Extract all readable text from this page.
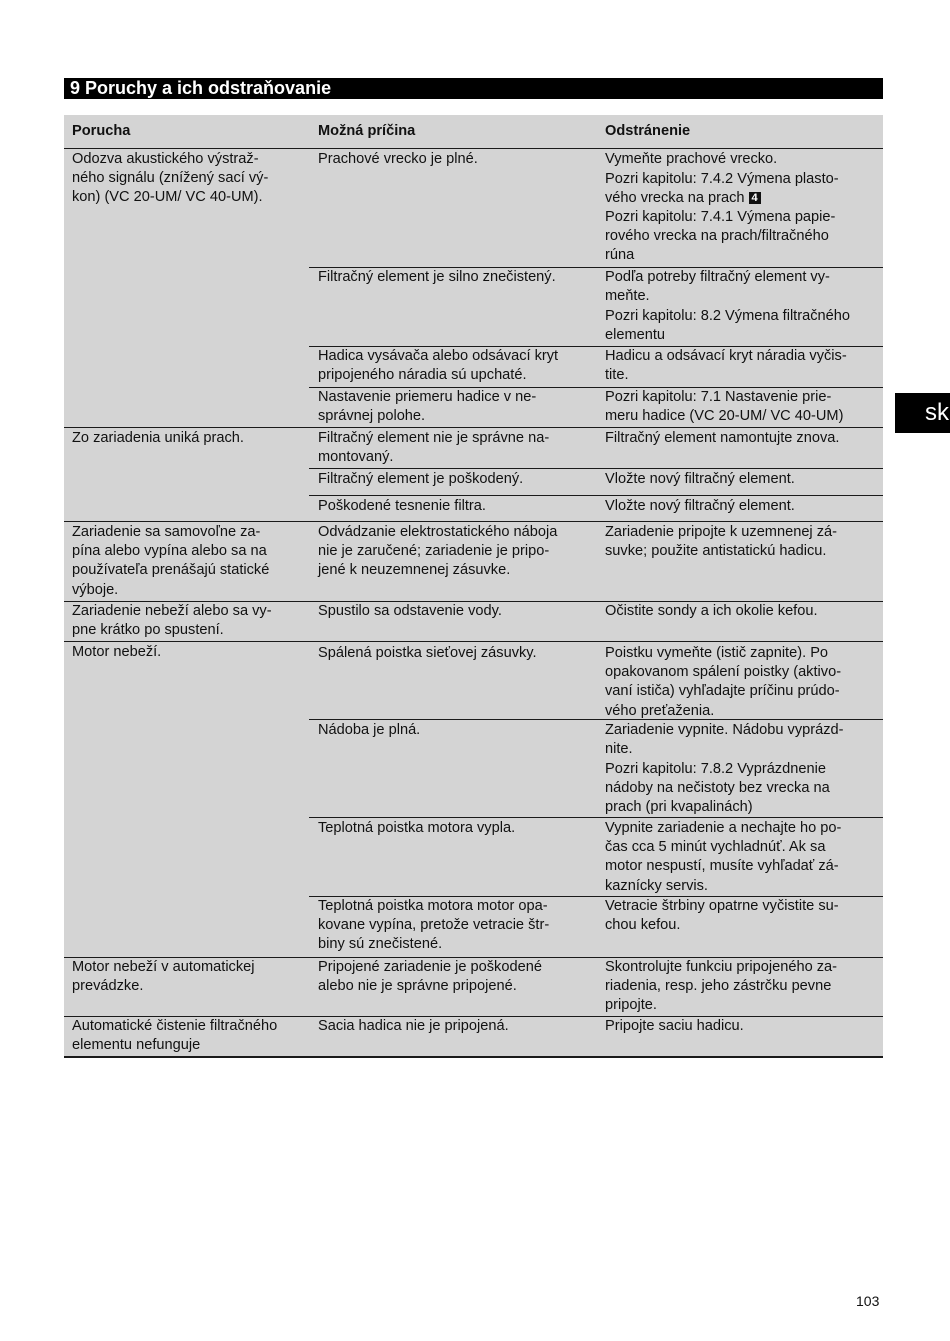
9 Poruchy a ich odstraňovanie
sk
Porucha	Možná príčina	Odstránenie
Odozva akustického výstraž-
ného signálu (znížený sací vý-
kon) (VC 20-UM/ VC 40-UM).
Zo zariadenia uniká prach.
Zariadenie sa samovoľne za-
pína alebo vypína alebo sa na
používateľa prenášajú statické
výboje.
Zariadenie nebeží alebo sa vy-
pne krátko po spustení.
Motor nebeží.
Motor nebeží v automatickej
prevádzke.
Automatické čistenie filtračného
elementu nefunguje
Prachové vrecko je plné.
Filtračný element je silno znečistený.
Hadica vysávača alebo odsávací kryt
pripojeného náradia sú upchaté.
Nastavenie priemeru hadice v ne-
správnej polohe.
Filtračný element nie je správne na-
montovaný.
Filtračný element je poškodený.
Poškodené tesnenie filtra.
Odvádzanie elektrostatického náboja
nie je zaručené; zariadenie je pripo-
jené k neuzemnenej zásuvke.
Spustilo sa odstavenie vody.
Spálená poistka sieťovej zásuvky.
Nádoba je plná.
Teplotná poistka motora vypla.
Teplotná poistka motora motor opa-
kovane vypína, pretože vetracie štr-
biny sú znečistené.
Pripojené zariadenie je poškodené
alebo nie je správne pripojené.
Sacia hadica nie je pripojená.
Vymeňte prachové vrecko.
Pozri kapitolu: 7.4.2 Výmena plasto-
vého vrecka na prach 4
Pozri kapitolu: 7.4.1 Výmena papie-
rového vrecka na prach/filtračného
rúna
Podľa potreby filtračný element vy-
meňte.
Pozri kapitolu: 8.2 Výmena filtračného
elementu
Hadicu a odsávací kryt náradia vyčis-
tite.
Pozri kapitolu: 7.1 Nastavenie prie-
meru hadice (VC 20-UM/ VC 40-UM)
Filtračný element namontujte znova.
Vložte nový filtračný element.
Vložte nový filtračný element.
Zariadenie pripojte k uzemnenej zá-
suvke; použite antistatickú hadicu.
Očistite sondy a ich okolie kefou.
Poistku vymeňte (istič zapnite). Po
opakovanom spálení poistky (aktivo-
vaní ističa) vyhľadajte príčinu prúdo-
vého preťaženia.
Zariadenie vypnite. Nádobu vyprázd-
nite.
Pozri kapitolu: 7.8.2 Vyprázdnenie
nádoby na nečistoty bez vrecka na
prach (pri kvapalinách)
Vypnite zariadenie a nechajte ho po-
čas cca 5 minút vychladnúť. Ak sa
motor nespustí, musíte vyhľadať zá-
kaznícky servis.
Vetracie štrbiny opatrne vyčistite su-
chou kefou.
Skontrolujte funkciu pripojeného za-
riadenia, resp. jeho zástrčku pevne
pripojte.
Pripojte saciu hadicu.
103
